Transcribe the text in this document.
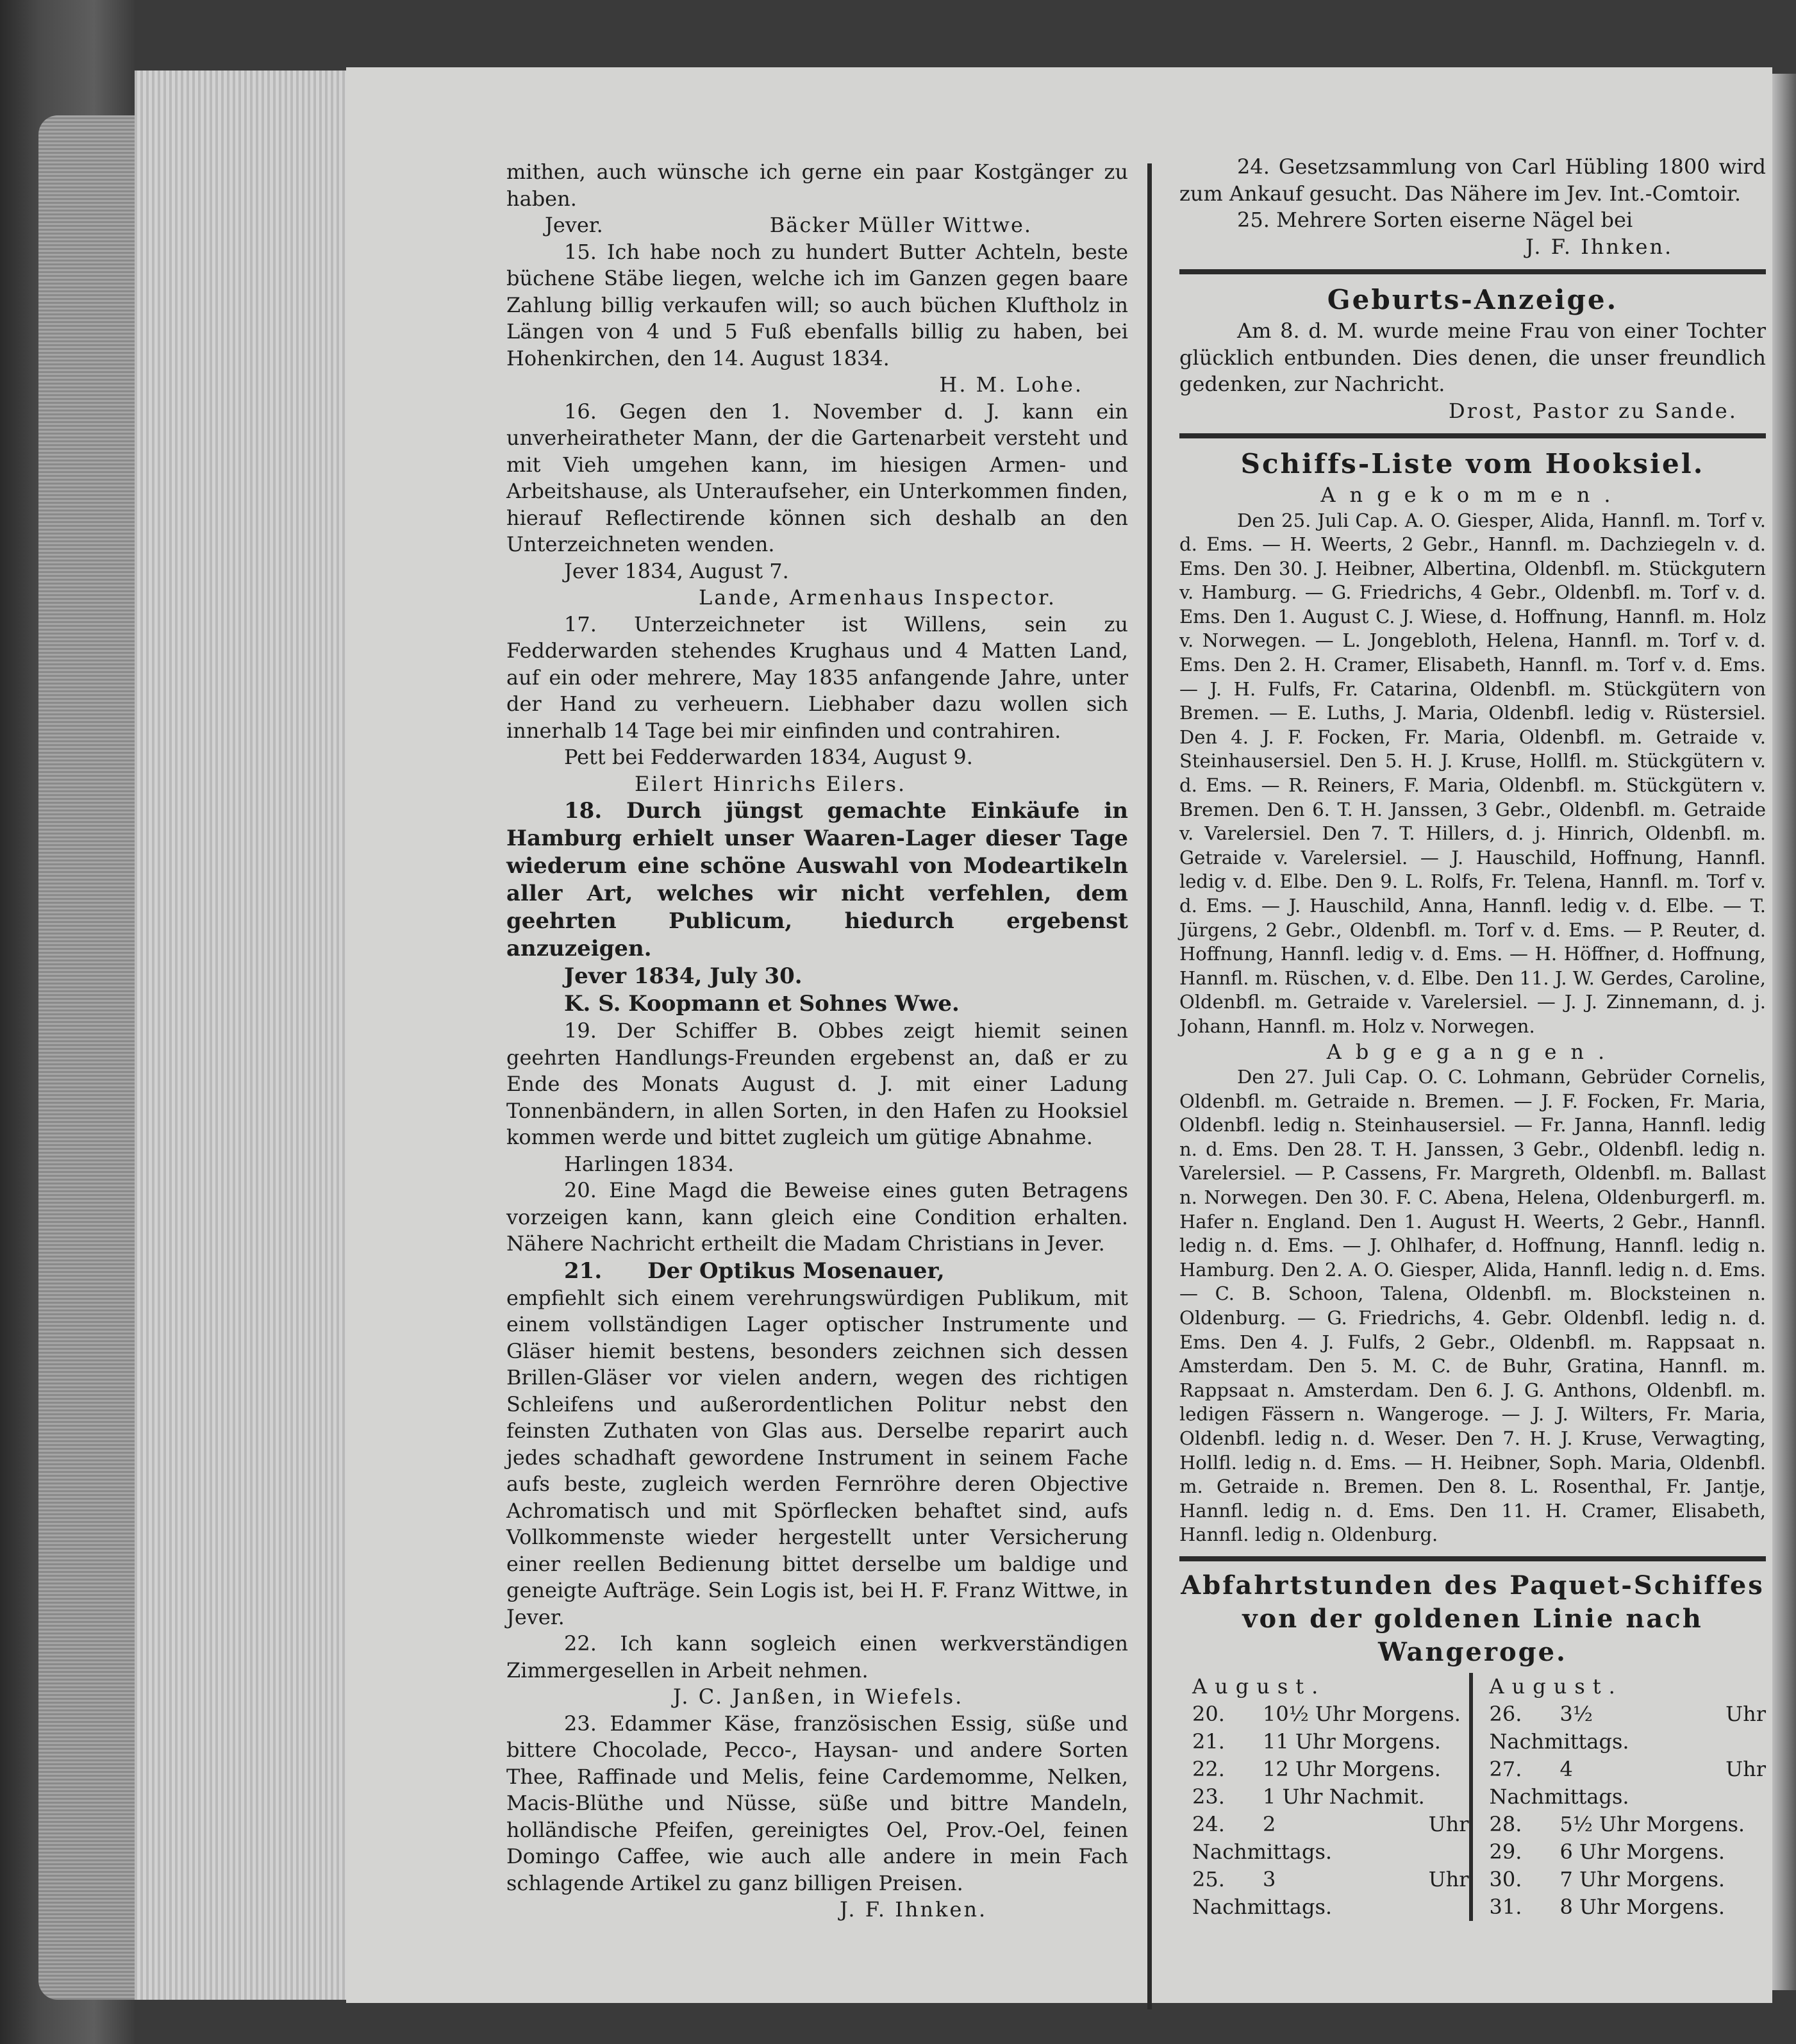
mithen, auch wünsche ich gerne ein paar Kostgänger zu haben.

Jever.	Bäcker Müller Wittwe.

15. Ich habe noch zu hundert Butter Achteln, beste büchene Stäbe liegen, welche ich im Ganzen gegen baare Zahlung billig verkaufen will; so auch büchen Kluftholz in Längen von 4 und 5 Fuß ebenfalls billig zu haben, bei Hohenkirchen, den 14. August 1834.

H. M. Lohe.

16. Gegen den 1. November d. J. kann ein unverheiratheter Mann, der die Gartenarbeit versteht und mit Vieh umgehen kann, im hiesigen Armen- und Arbeitshause, als Unteraufseher, ein Unterkommen finden, hierauf Reflectirende können sich deshalb an den Unterzeichneten wenden.

Jever 1834, August 7.

Lande, Armenhaus Inspector.

17. Unterzeichneter ist Willens, sein zu Fedderwarden stehendes Krughaus und 4 Matten Land, auf ein oder mehrere, May 1835 anfangende Jahre, unter der Hand zu verheuern. Liebhaber dazu wollen sich innerhalb 14 Tage bei mir einfinden und contrahiren.

Pett bei Fedderwarden 1834, August 9.

Eilert Hinrichs Eilers.

18. Durch jüngst gemachte Einkäufe in Hamburg erhielt unser Waaren-Lager dieser Tage wiederum eine schöne Auswahl von Modeartikeln aller Art, welches wir nicht verfehlen, dem geehrten Publicum, hiedurch ergebenst anzuzeigen.

Jever 1834, July 30.

K. S. Koopmann et Sohnes Wwe.

19. Der Schiffer B. Obbes zeigt hiemit seinen geehrten Handlungs-Freunden ergebenst an, daß er zu Ende des Monats August d. J. mit einer Ladung Tonnenbändern, in allen Sorten, in den Hafen zu Hooksiel kommen werde und bittet zugleich um gütige Abnahme.

Harlingen 1834.

20. Eine Magd die Beweise eines guten Betragens vorzeigen kann, kann gleich eine Condition erhalten. Nähere Nachricht ertheilt die Madam Christians in Jever.

21.      Der Optikus Mosenauer,

empfiehlt sich einem verehrungswürdigen Publikum, mit einem vollständigen Lager optischer Instrumente und Gläser hiemit bestens, besonders zeichnen sich dessen Brillen-Gläser vor vielen andern, wegen des richtigen Schleifens und außerordentlichen Politur nebst den feinsten Zuthaten von Glas aus. Derselbe reparirt auch jedes schadhaft gewordene Instrument in seinem Fache aufs beste, zugleich werden Fernröhre deren Objective Achromatisch und mit Spörflecken behaftet sind, aufs Vollkommenste wieder hergestellt unter Versicherung einer reellen Bedienung bittet derselbe um baldige und geneigte Aufträge. Sein Logis ist, bei H. F. Franz Wittwe, in Jever.

22. Ich kann sogleich einen werkverständigen Zimmergesellen in Arbeit nehmen.

J. C. Janßen, in Wiefels.

23. Edammer Käse, französischen Essig, süße und bittere Chocolade, Pecco-, Haysan- und andere Sorten Thee, Raffinade und Melis, feine Cardemomme, Nelken, Macis-Blüthe und Nüsse, süße und bittre Mandeln, holländische Pfeifen, gereinigtes Oel, Prov.-Oel, feinen Domingo Caffee, wie auch alle andere in mein Fach schlagende Artikel zu ganz billigen Preisen.

J. F. Ihnken.

24. Gesetzsammlung von Carl Hübling 1800 wird zum Ankauf gesucht. Das Nähere im Jev. Int.-Comtoir.

25. Mehrere Sorten eiserne Nägel bei

J. F. Ihnken.

Geburts-Anzeige.

Am 8. d. M. wurde meine Frau von einer Tochter glücklich entbunden. Dies denen, die unser freundlich gedenken, zur Nachricht.

Drost, Pastor zu Sande.

Schiffs-Liste vom Hooksiel.

Angekommen.

Den 25. Juli Cap. A. O. Giesper, Alida, Hannfl. m. Torf v. d. Ems. — H. Weerts, 2 Gebr., Hannfl. m. Dachziegeln v. d. Ems. Den 30. J. Heibner, Albertina, Oldenbfl. m. Stückgutern v. Hamburg. — G. Friedrichs, 4 Gebr., Oldenbfl. m. Torf v. d. Ems. Den 1. August C. J. Wiese, d. Hoffnung, Hannfl. m. Holz v. Norwegen. — L. Jongebloth, Helena, Hannfl. m. Torf v. d. Ems. Den 2. H. Cramer, Elisabeth, Hannfl. m. Torf v. d. Ems. — J. H. Fulfs, Fr. Catarina, Oldenbfl. m. Stückgütern von Bremen. — E. Luths, J. Maria, Oldenbfl. ledig v. Rüstersiel. Den 4. J. F. Focken, Fr. Maria, Oldenbfl. m. Getraide v. Steinhausersiel. Den 5. H. J. Kruse, Hollfl. m. Stückgütern v. d. Ems. — R. Reiners, F. Maria, Oldenbfl. m. Stückgütern v. Bremen. Den 6. T. H. Janssen, 3 Gebr., Oldenbfl. m. Getraide v. Varelersiel. Den 7. T. Hillers, d. j. Hinrich, Oldenbfl. m. Getraide v. Varelersiel. — J. Hauschild, Hoffnung, Hannfl. ledig v. d. Elbe. Den 9. L. Rolfs, Fr. Telena, Hannfl. m. Torf v. d. Ems. — J. Hauschild, Anna, Hannfl. ledig v. d. Elbe. — T. Jürgens, 2 Gebr., Oldenbfl. m. Torf v. d. Ems. — P. Reuter, d. Hoffnung, Hannfl. ledig v. d. Ems. — H. Höffner, d. Hoffnung, Hannfl. m. Rüschen, v. d. Elbe. Den 11. J. W. Gerdes, Caroline, Oldenbfl. m. Getraide v. Varelersiel. — J. J. Zinnemann, d. j. Johann, Hannfl. m. Holz v. Norwegen.

Abgegangen.

Den 27. Juli Cap. O. C. Lohmann, Gebrüder Cornelis, Oldenbfl. m. Getraide n. Bremen. — J. F. Focken, Fr. Maria, Oldenbfl. ledig n. Steinhausersiel. — Fr. Janna, Hannfl. ledig n. d. Ems. Den 28. T. H. Janssen, 3 Gebr., Oldenbfl. ledig n. Varelersiel. — P. Cassens, Fr. Margreth, Oldenbfl. m. Ballast n. Norwegen. Den 30. F. C. Abena, Helena, Oldenburgerfl. m. Hafer n. England. Den 1. August H. Weerts, 2 Gebr., Hannfl. ledig n. d. Ems. — J. Ohlhafer, d. Hoffnung, Hannfl. ledig n. Hamburg. Den 2. A. O. Giesper, Alida, Hannfl. ledig n. d. Ems. — C. B. Schoon, Talena, Oldenbfl. m. Blocksteinen n. Oldenburg. — G. Friedrichs, 4. Gebr. Oldenbfl. ledig n. d. Ems. Den 4. J. Fulfs, 2 Gebr., Oldenbfl. m. Rappsaat n. Amsterdam. Den 5. M. C. de Buhr, Gratina, Hannfl. m. Rappsaat n. Amsterdam. Den 6. J. G. Anthons, Oldenbfl. m. ledigen Fässern n. Wangeroge. — J. J. Wilters, Fr. Maria, Oldenbfl. ledig n. d. Weser. Den 7. H. J. Kruse, Verwagting, Hollfl. ledig n. d. Ems. — H. Heibner, Soph. Maria, Oldenbfl. m. Getraide n. Bremen. Den 8. L. Rosenthal, Fr. Jantje, Hannfl. ledig n. d. Ems. Den 11. H. Cramer, Elisabeth, Hannfl. ledig n. Oldenburg.

Abfahrtstunden des Paquet-Schiffes von der goldenen Linie nach Wangeroge.

August.
20. 10½ Uhr Morgens.
21. 11 Uhr Morgens.
22. 12 Uhr Morgens.
23. 1 Uhr Nachmit.
24. 2 Uhr Nachmittags.
25. 3 Uhr Nachmittags.
August.
26. 3½ Uhr Nachmittags.
27. 4 Uhr Nachmittags.
28. 5½ Uhr Morgens.
29. 6 Uhr Morgens.
30. 7 Uhr Morgens.
31. 8 Uhr Morgens.
